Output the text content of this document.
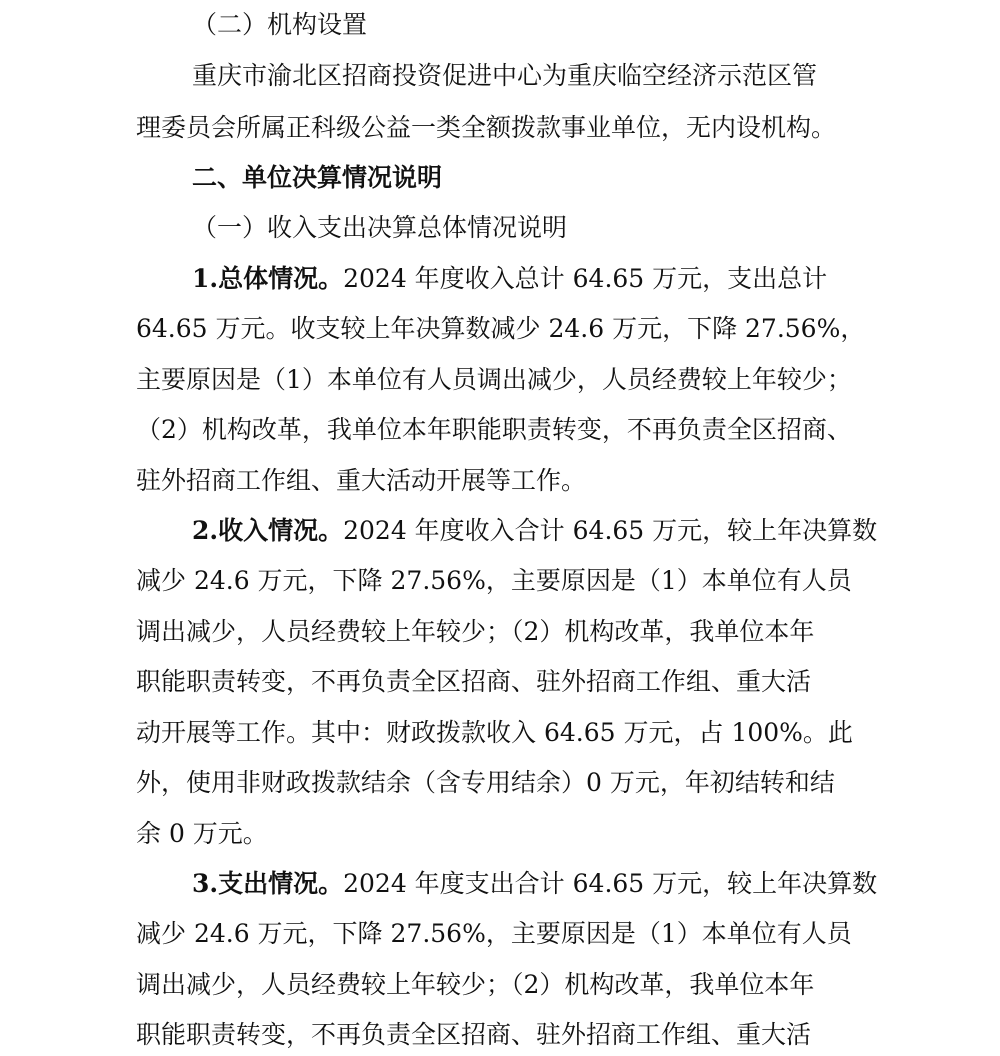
（二）机构设置
重庆市渝北区招商投资促进中心为重庆临空经济示范区管
理委员会所属正科级公益一类全额拨款事业单位，无内设机构。
二、单位决算情况说明
（一）收入支出决算总体情况说明
1.总体情况。2024 年度收入总计 64.65 万元，支出总计
64.65 万元。收支较上年决算数减少 24.6 万元，下降 27.56%，
主要原因是（1）本单位有人员调出减少，人员经费较上年较少；
（2）机构改革，我单位本年职能职责转变，不再负责全区招商、
驻外招商工作组、重大活动开展等工作。
2.收入情况。2024 年度收入合计 64.65 万元，较上年决算数
减少 24.6 万元，下降 27.56%，主要原因是（1）本单位有人员
调出减少，人员经费较上年较少；（2）机构改革，我单位本年
职能职责转变，不再负责全区招商、驻外招商工作组、重大活
动开展等工作。其中：财政拨款收入 64.65 万元，占 100%。此
外，使用非财政拨款结余（含专用结余）0 万元，年初结转和结
余 0 万元。
3.支出情况。2024 年度支出合计 64.65 万元，较上年决算数
减少 24.6 万元，下降 27.56%，主要原因是（1）本单位有人员
调出减少，人员经费较上年较少；（2）机构改革，我单位本年
职能职责转变，不再负责全区招商、驻外招商工作组、重大活
